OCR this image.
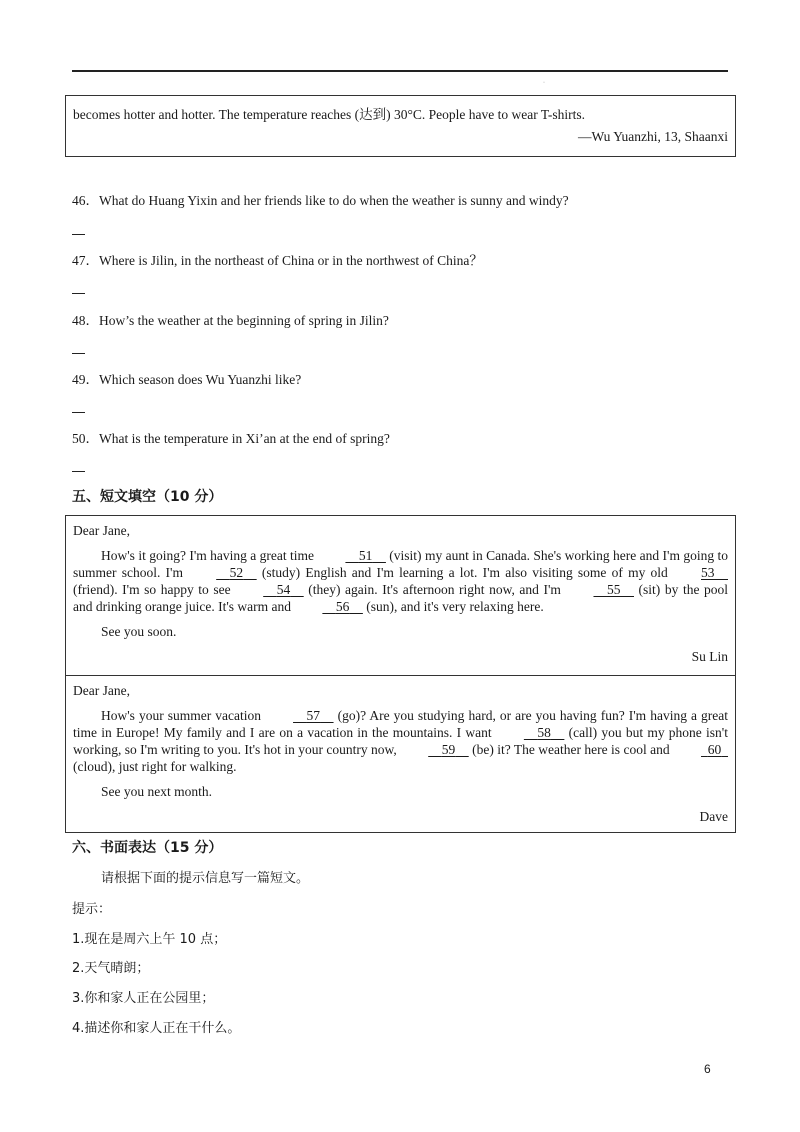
·
becomes hotter and hotter. The temperature reaches (达到) 30°C. People have to wear T-shirts.
—Wu Yuanzhi, 13, Shaanxi
46．What do Huang Yixin and her friends like to do when the weather is sunny and windy?
47．Where is Jilin, in the northeast of China or in the northwest of China？
48．How’s the weather at the beginning of spring in Jilin?
49．Which season does Wu Yuanzhi like?
50．What is the temperature in Xi’an at the end of spring?
五、短文填空（10 分）

Dear Jane,

How's it going? I'm having a great time	51     (visit) my aunt in Canada. She's working here and I'm going to summer school. I'm	52     (study) English and I'm learning a lot. I'm also visiting some of my old 53     (friend). I'm so happy to see	54     (they) again. It's afternoon right now, and I'm	55     (sit) by the pool and drinking orange juice. It's warm and	56     (sun), and it's very relaxing here.

See you soon.

Su Lin

Dear Jane,

How's your summer vacation	57     (go)? Are you studying hard, or are you having fun? I'm having a great time in Europe! My family and I are on a vacation in the mountains. I want	58     (call) you but my phone isn't working, so I'm writing to you. It's hot in your country now,	59     (be) it? The weather here is cool and	60   (cloud), just right for walking.

See you next month.

Dave

六、书面表达（15 分）
请根据下面的提示信息写一篇短文。
提示：
1.现在是周六上午 10 点；
2.天气晴朗；
3.你和家人正在公园里；
4.描述你和家人正在干什么。
6
